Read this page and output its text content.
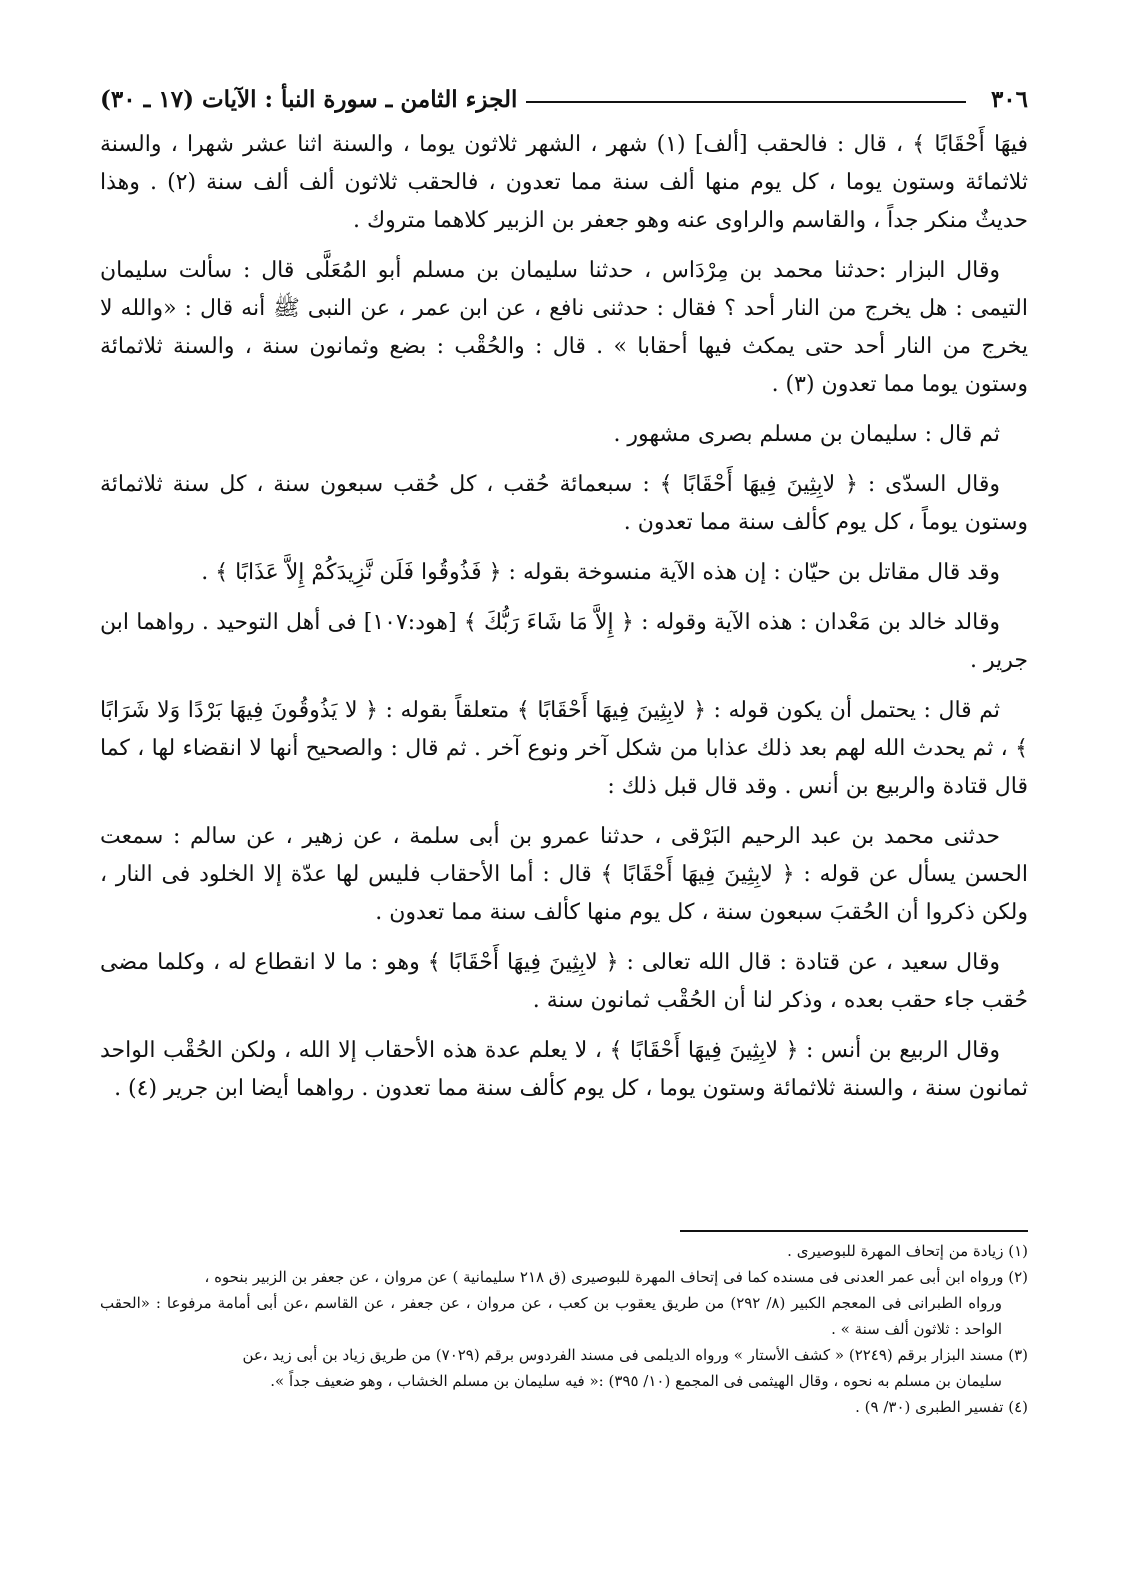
٣٠٦
الجزء الثامن ـ سورة النبأ : الآيات (١٧ ـ ٣٠)

فيهَا أَحْقَابًا ﴾ ، قال : فالحقب [ألف] (١) شهر ، الشهر ثلاثون يوما ، والسنة اثنا عشر شهرا ، والسنة ثلاثمائة وستون يوما ، كل يوم منها ألف سنة مما تعدون ، فالحقب ثلاثون ألف ألف سنة (٢) . وهذا حديثٌ منكر جداً ، والقاسم والراوى عنه وهو جعفر بن الزبير كلاهما متروك .

وقال البزار :حدثنا محمد بن مِرْدَاس ، حدثنا سليمان بن مسلم أبو المُعَلَّى قال : سألت سليمان التيمى : هل يخرج من النار أحد ؟ فقال : حدثنى نافع ، عن ابن عمر ، عن النبى ﷺ أنه قال : «والله لا يخرج من النار أحد حتى يمكث فيها أحقابا » . قال : والحُقْب : بضع وثمانون سنة ، والسنة ثلاثمائة وستون يوما مما تعدون (٣) .

ثم قال : سليمان بن مسلم بصرى مشهور .

وقال السدّى : ﴿ لابِثِينَ فِيهَا أَحْقَابًا ﴾ : سبعمائة حُقب ، كل حُقب سبعون سنة ، كل سنة ثلاثمائة وستون يوماً ، كل يوم كألف سنة مما تعدون .

وقد قال مقاتل بن حيّان : إن هذه الآية منسوخة بقوله : ﴿ فَذُوقُوا فَلَن نَّزِيدَكُمْ إِلاَّ عَذَابًا ﴾ .

وقالد خالد بن مَعْدان : هذه الآية وقوله : ﴿ إِلاَّ مَا شَاءَ رَبُّكَ ﴾ [هود:١٠٧] فى أهل التوحيد . رواهما ابن جرير .

ثم قال : يحتمل أن يكون قوله : ﴿ لابِثِينَ فِيهَا أَحْقَابًا ﴾ متعلقاً بقوله : ﴿ لا يَذُوقُونَ فِيهَا بَرْدًا وَلا شَرَابًا ﴾ ، ثم يحدث الله لهم بعد ذلك عذابا من شكل آخر ونوع آخر . ثم قال : والصحيح أنها لا انقضاء لها ، كما قال قتادة والربيع بن أنس . وقد قال قبل ذلك :

حدثنى محمد بن عبد الرحيم البَرْقى ، حدثنا عمرو بن أبى سلمة ، عن زهير ، عن سالم : سمعت الحسن يسأل عن قوله : ﴿ لابِثِينَ فِيهَا أَحْقَابًا ﴾ قال : أما الأحقاب فليس لها عدّة إلا الخلود فى النار ، ولكن ذكروا أن الحُقبَ سبعون سنة ، كل يوم منها كألف سنة مما تعدون .

وقال سعيد ، عن قتادة : قال الله تعالى : ﴿ لابِثِينَ فِيهَا أَحْقَابًا ﴾ وهو : ما لا انقطاع له ، وكلما مضى حُقب جاء حقب بعده ، وذكر لنا أن الحُقْب ثمانون سنة .

وقال الربيع بن أنس : ﴿ لابِثِينَ فِيهَا أَحْقَابًا ﴾ ، لا يعلم عدة هذه الأحقاب إلا الله ، ولكن الحُقْب الواحد ثمانون سنة ، والسنة ثلاثمائة وستون يوما ، كل يوم كألف سنة مما تعدون . رواهما أيضا ابن جرير (٤) .

(١) زيادة من إتحاف المهرة للبوصيرى .

(٢) ورواه ابن أبى عمر العدنى فى مسنده كما فى إتحاف المهرة للبوصيرى (ق ٢١٨ سليمانية ) عن مروان ، عن جعفر بن الزبير بنحوه ،

ورواه الطبرانى فى المعجم الكبير (٨/ ٢٩٢) من طريق يعقوب بن كعب ، عن مروان ، عن جعفر ، عن القاسم ،عن أبى أمامة مرفوعا : «الحقب الواحد : ثلاثون ألف سنة » .

(٣) مسند البزار برقم (٢٢٤٩) « كشف الأستار » ورواه الديلمى فى مسند الفردوس برقم (٧٠٢٩) من طريق زياد بن أبى زيد ،عن

سليمان بن مسلم به نحوه ، وقال الهيثمى فى المجمع (١٠/ ٣٩٥) :« فيه سليمان بن مسلم الخشاب ، وهو ضعيف جداً ».

(٤) تفسير الطبرى (٣٠/ ٩) .
